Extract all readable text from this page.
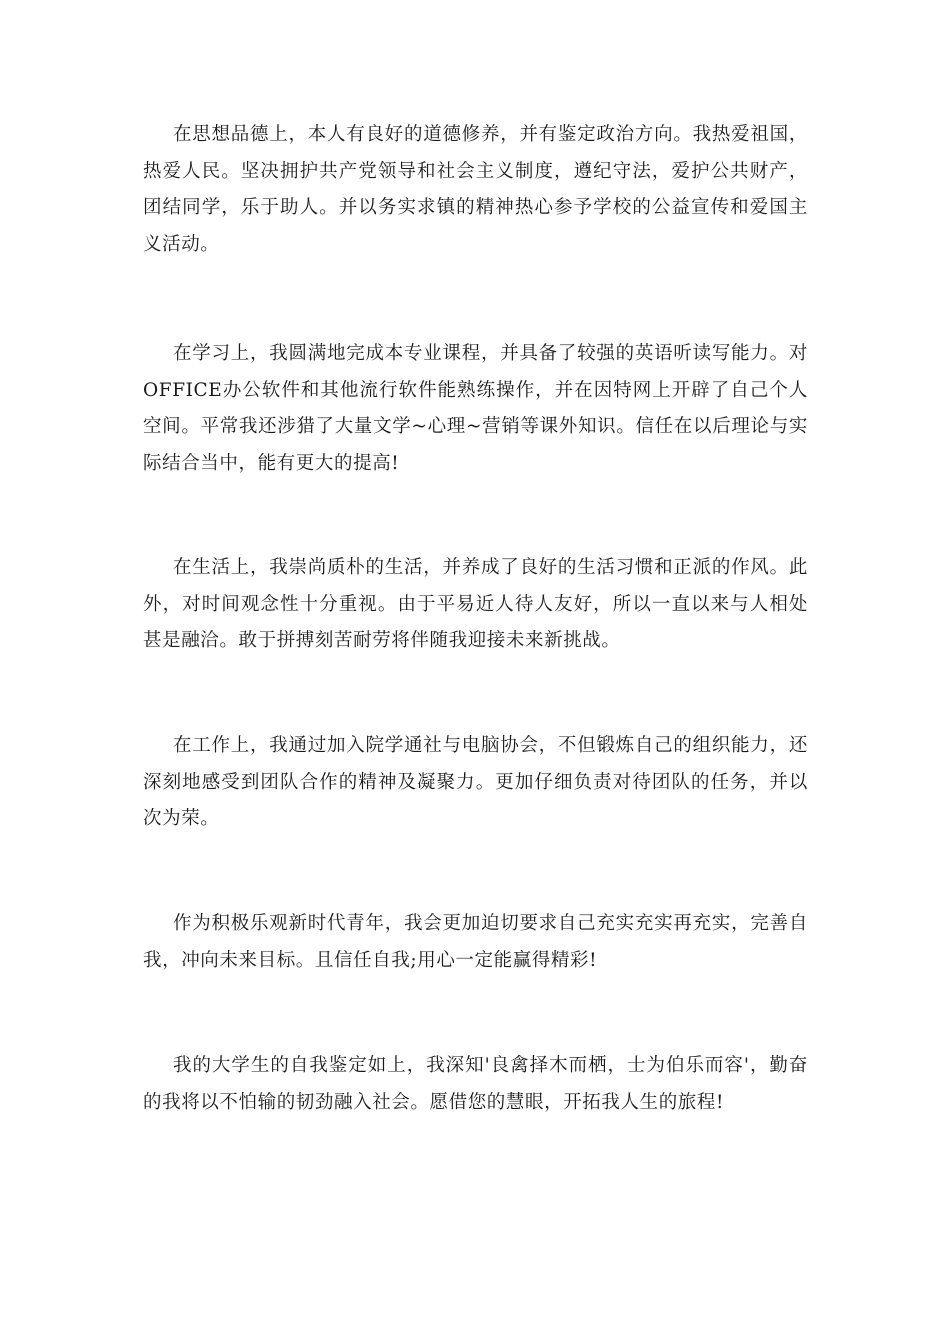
在思想品德上，本人有良好的道德修养，并有鉴定政治方向。我热爱祖国，热爱人民。坚决拥护共产党领导和社会主义制度，遵纪守法，爱护公共财产，团结同学，乐于助人。并以务实求镇的精神热心参予学校的公益宣传和爱国主义活动。

在学习上，我圆满地完成本专业课程，并具备了较强的英语听读写能力。对OFFICE办公软件和其他流行软件能熟练操作，并在因特网上开辟了自己个人空间。平常我还涉猎了大量文学~心理~营销等课外知识。信任在以后理论与实际结合当中，能有更大的提高!

在生活上，我崇尚质朴的生活，并养成了良好的生活习惯和正派的作风。此外，对时间观念性十分重视。由于平易近人待人友好，所以一直以来与人相处甚是融洽。敢于拼搏刻苦耐劳将伴随我迎接未来新挑战。

在工作上，我通过加入院学通社与电脑协会，不但锻炼自己的组织能力，还深刻地感受到团队合作的精神及凝聚力。更加仔细负责对待团队的任务，并以次为荣。

作为积极乐观新时代青年，我会更加迫切要求自己充实充实再充实，完善自我，冲向未来目标。且信任自我;用心一定能赢得精彩!

我的大学生的自我鉴定如上，我深知'良禽择木而栖，士为伯乐而容'，勤奋的我将以不怕输的韧劲融入社会。愿借您的慧眼，开拓我人生的旅程!
